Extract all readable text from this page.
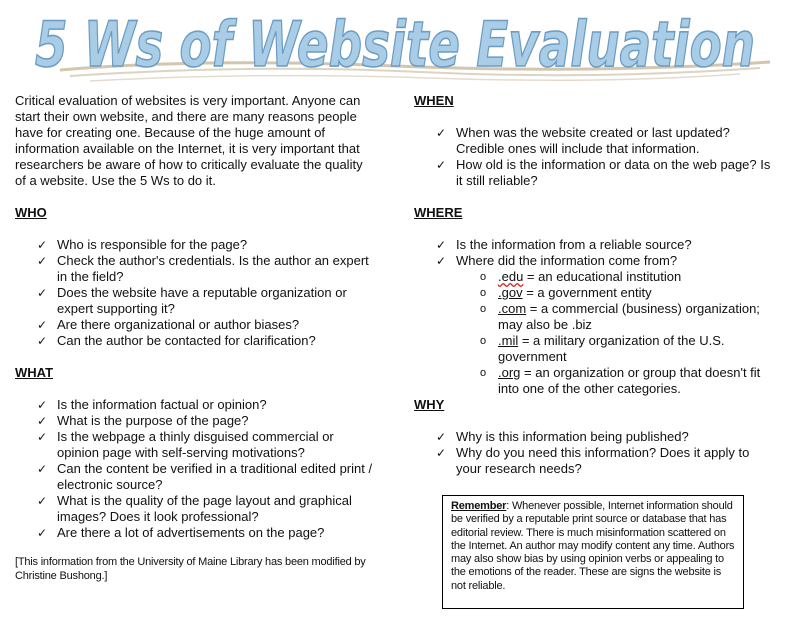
5 Ws of Website Evaluation

Critical evaluation of websites is very important. Anyone can start their own website, and there are many reasons people have for creating one. Because of the huge amount of information available on the Internet, it is very important that researchers be aware of how to critically evaluate the quality of a website. Use the 5 Ws to do it.

WHO

✓ Who is responsible for the page?
✓ Check the author's credentials. Is the author an expert in the field?
✓ Does the website have a reputable organization or expert supporting it?
✓ Are there organizational or author biases?
✓ Can the author be contacted for clarification?

WHAT

✓ Is the information factual or opinion?
✓ What is the purpose of the page?
✓ Is the webpage a thinly disguised commercial or opinion page with self-serving motivations?
✓ Can the content be verified in a traditional edited print / electronic source?
✓ What is the quality of the page layout and graphical images? Does it look professional?
✓ Are there a lot of advertisements on the page?

[This information from the University of Maine Library has been modified by Christine Bushong.]

WHEN

✓ When was the website created or last updated? Credible ones will include that information.
✓ How old is the information or data on the web page? Is it still reliable?

WHERE

✓ Is the information from a reliable source?
✓ Where did the information come from?
o .edu = an educational institution
o .gov = a government entity
o .com = a commercial (business) organization; may also be .biz
o .mil = a military organization of the U.S. government
o .org = an organization or group that doesn't fit into one of the other categories.

WHY

✓ Why is this information being published?
✓ Why do you need this information? Does it apply to your research needs?
Remember: Whenever possible, Internet information should be verified by a reputable print source or database that has editorial review. There is much misinformation scattered on the Internet. An author may modify content any time. Authors may also show bias by using opinion verbs or appealing to the emotions of the reader. These are signs the website is not reliable.
